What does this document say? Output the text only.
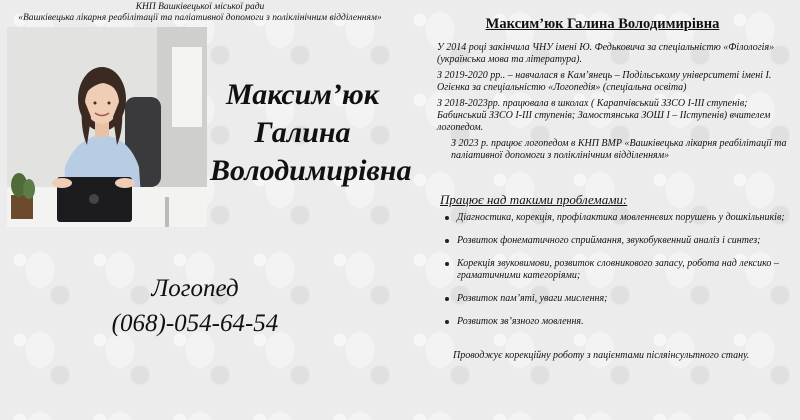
КНП Вашківецької міської ради
«Вашківецька лікарня реабілітації та паліативної допомоги з поліклінічним відділенням»
Максим’юк
Галина
Володимирівна
Логопед
(068)-054-64-54
Максим’юк Галина Володимирівна

У 2014 році закінчила ЧНУ імені Ю. Федьковича за спеціальністю «Філологія» (українська мова та література).

З 2019-2020 рр.. – навчалася в Кам’янець – Подільському університеті імені І. Огієнка за спеціальністю «Логопедія» (спеціальна освіта)

З 2018-2023рр. працювала в школах ( Карапчівський ЗЗСО І-ІІІ ступенів; Бабинський ЗЗСО І-ІІІ ступенів; Замостянська ЗОШ І – ІІступенів) вчителем логопедом.

З 2023 р. працює логопедом в КНП ВМР «Вашківецька лікарня реабілітації та паліативної допомоги з поліклінічним відділенням»

Працює над такими проблемами:
Діагностика, корекція, профілактика мовленнєвих порушень у дошкільників;
Розвиток фонематичного сприймання, звукобуквенний аналіз і синтез;
Корекція звуковимови, розвиток словникового запасу, робота над лексико – граматичними категоріями;
Розвиток пам’яті, уваги мислення;
Розвиток зв’язного мовлення.
Проводжує корекційну роботу з пацієнтами післяінсультного стану.
